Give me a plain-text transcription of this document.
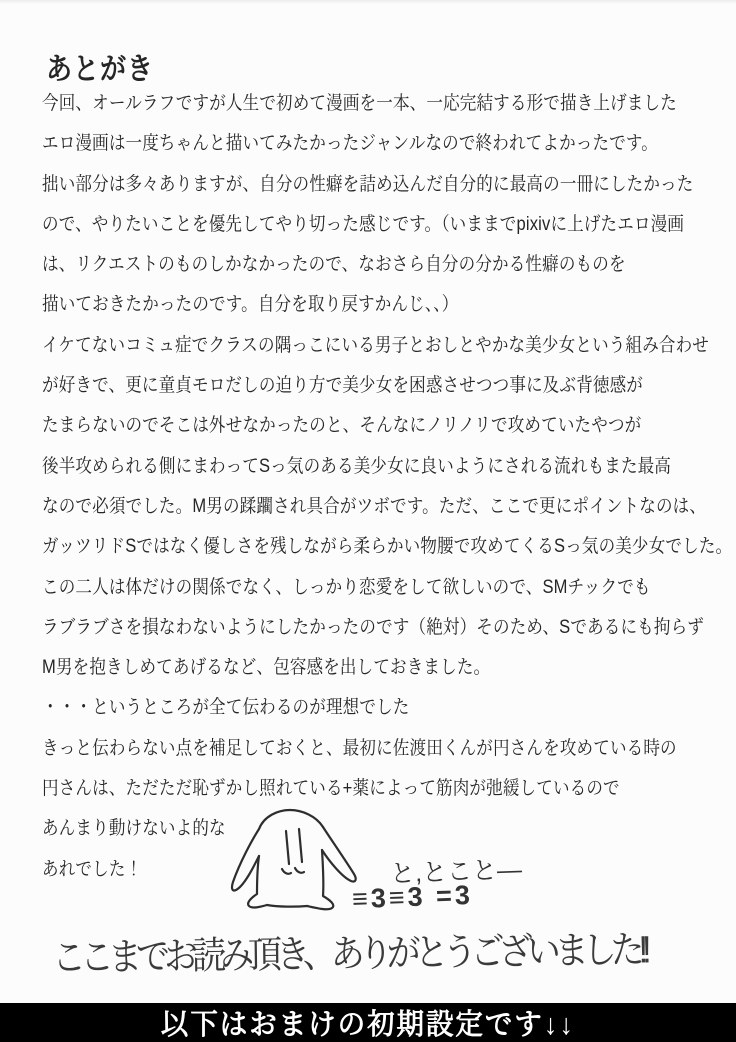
あとがき
今回、オールラフですが人生で初めて漫画を一本、一応完結する形で描き上げました
エロ漫画は一度ちゃんと描いてみたかったジャンルなので終われてよかったです。
拙い部分は多々ありますが、自分の性癖を詰め込んだ自分的に最高の一冊にしたかった
ので、やりたいことを優先してやり切った感じです。（いままでpixivに上げたエロ漫画
は、リクエストのものしかなかったので、なおさら自分の分かる性癖のものを
描いておきたかったのです。自分を取り戻すかんじ、、）
イケてないコミュ症でクラスの隅っこにいる男子とおしとやかな美少女という組み合わせ
が好きで、更に童貞モロだしの迫り方で美少女を困惑させつつ事に及ぶ背徳感が
たまらないのでそこは外せなかったのと、そんなにノリノリで攻めていたやつが
後半攻められる側にまわってSっ気のある美少女に良いようにされる流れもまた最高
なので必須でした。M男の蹂躙され具合がツボです。ただ、ここで更にポイントなのは、
ガッツリドSではなく優しさを残しながら柔らかい物腰で攻めてくるSっ気の美少女でした。
この二人は体だけの関係でなく、しっかり恋愛をして欲しいので、SMチックでも
ラブラブさを損なわないようにしたかったのです（絶対）そのため、Sであるにも拘らず
M男を抱きしめてあげるなど、包容感を出しておきました。
・・・というところが全て伝わるのが理想でした
きっと伝わらない点を補足しておくと、最初に佐渡田くんが円さんを攻めている時の
円さんは、ただただ恥ずかし照れている+薬によって筋肉が弛緩しているので
あんまり動けないよ的な
あれでした！	と,とこと―
≡3≡3 =3
ここまでお読み頂き、ありがとうございました!!
以下はおまけの初期設定です↓↓
